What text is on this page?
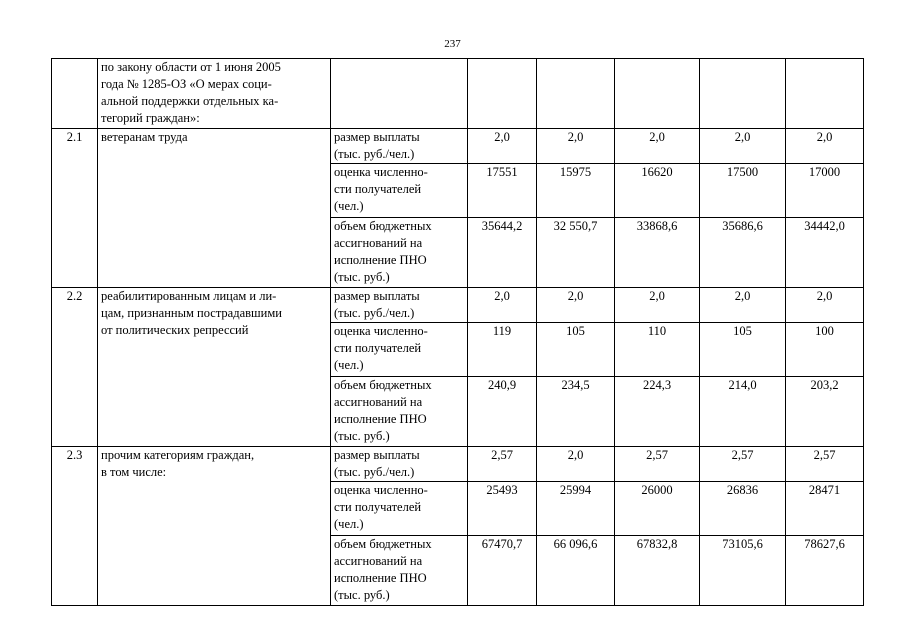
237
	по закону области от 1 июня 2005
года № 1285-ОЗ «О мерах соци-
альной поддержки отдельных ка-
тегорий граждан»:						
2.1	ветеранам труда	размер выплаты
(тыс. руб./чел.)	2,0	2,0	2,0	2,0	2,0
		оценка численно-
сти получателей
(чел.)	17551	15975	16620	17500	17000
		объем бюджетных
ассигнований на
исполнение ПНО
(тыс. руб.)	35644,2	32 550,7	33868,6	35686,6	34442,0
2.2	реабилитированным лицам и ли-
цам, признанным пострадавшими
от политических репрессий	размер выплаты
(тыс. руб./чел.)	2,0	2,0	2,0	2,0	2,0
		оценка численно-
сти получателей
(чел.)	119	105	110	105	100
		объем бюджетных
ассигнований на
исполнение ПНО
(тыс. руб.)	240,9	234,5	224,3	214,0	203,2
2.3	прочим категориям граждан,
в том числе:	размер выплаты
(тыс. руб./чел.)	2,57	2,0	2,57	2,57	2,57
		оценка численно-
сти получателей
(чел.)	25493	25994	26000	26836	28471
		объем бюджетных
ассигнований на
исполнение ПНО
(тыс. руб.)	67470,7	66 096,6	67832,8	73105,6	78627,6
